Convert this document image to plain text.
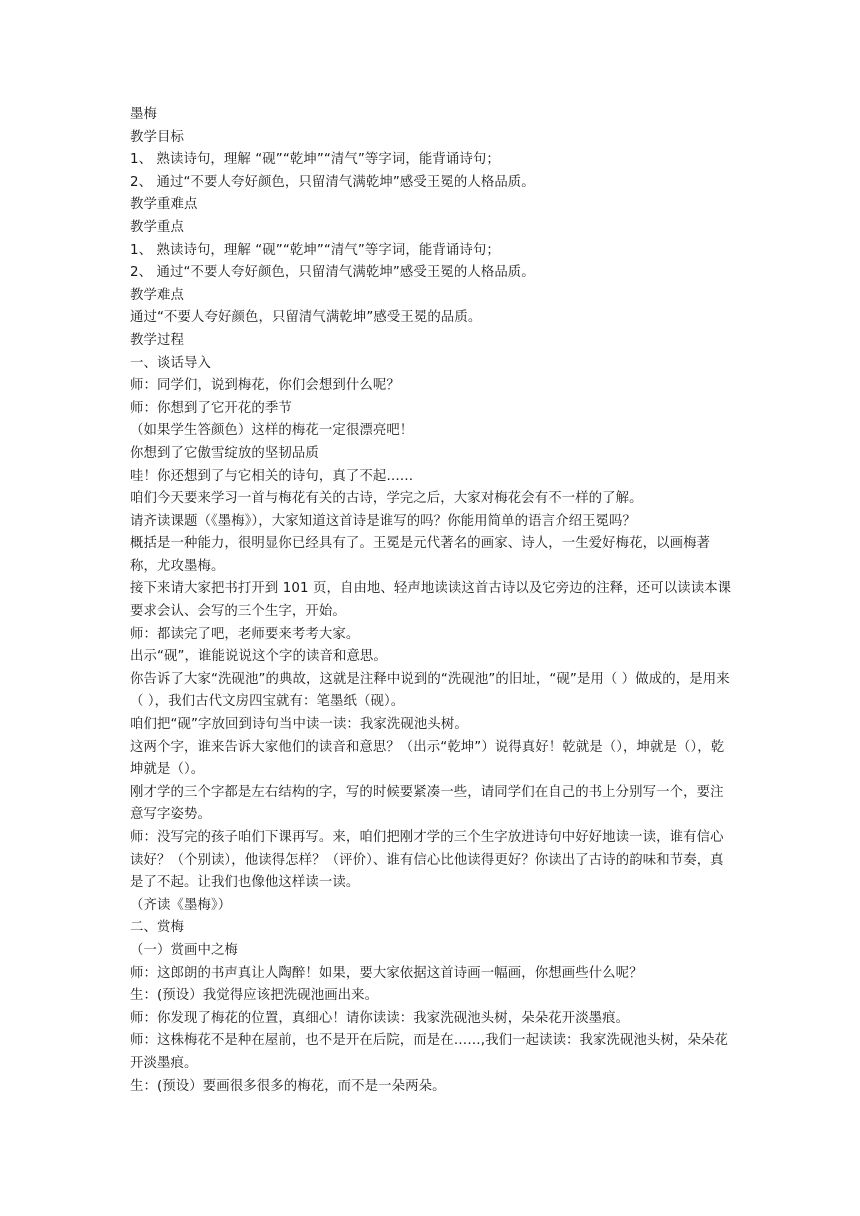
墨梅

教学目标

1、 熟读诗句，理解 “砚”“乾坤”“清气”等字词，能背诵诗句；

2、 通过“不要人夸好颜色，只留清气满乾坤”感受王冕的人格品质。

教学重难点

教学重点

1、 熟读诗句，理解 “砚”“乾坤”“清气”等字词，能背诵诗句；

2、 通过“不要人夸好颜色，只留清气满乾坤”感受王冕的人格品质。

教学难点

通过“不要人夸好颜色，只留清气满乾坤”感受王冕的品质。

教学过程

一、谈话导入

师：同学们，说到梅花，你们会想到什么呢？

师：你想到了它开花的季节

（如果学生答颜色）这样的梅花一定很漂亮吧！

你想到了它傲雪绽放的坚韧品质

哇！你还想到了与它相关的诗句，真了不起……

咱们今天要来学习一首与梅花有关的古诗，学完之后，大家对梅花会有不一样的了解。

请齐读课题（《墨梅》），大家知道这首诗是谁写的吗？你能用简单的语言介绍王冕吗？

概括是一种能力，很明显你已经具有了。王冕是元代著名的画家、诗人，一生爱好梅花，以画梅著称，尤攻墨梅。

接下来请大家把书打开到 101 页，自由地、轻声地读读这首古诗以及它旁边的注释，还可以读读本课要求会认、会写的三个生字，开始。

师：都读完了吧，老师要来考考大家。

出示“砚”，谁能说说这个字的读音和意思。

你告诉了大家“洗砚池”的典故，这就是注释中说到的“洗砚池”的旧址，“砚”是用（ ）做成的，是用来（ ），我们古代文房四宝就有：笔墨纸（砚）。

咱们把“砚”字放回到诗句当中读一读：我家洗砚池头树。

这两个字，谁来告诉大家他们的读音和意思？（出示“乾坤”）说得真好！乾就是（），坤就是（），乾坤就是（）。

刚才学的三个字都是左右结构的字，写的时候要紧凑一些，请同学们在自己的书上分别写一个，要注意写字姿势。

师：没写完的孩子咱们下课再写。来，咱们把刚才学的三个生字放进诗句中好好地读一读，谁有信心读好？（个别读），他读得怎样？（评价）、谁有信心比他读得更好？你读出了古诗的韵味和节奏，真是了不起。让我们也像他这样读一读。

（齐读《墨梅》）

二、赏梅

（一）赏画中之梅

师：这郎朗的书声真让人陶醉！如果，要大家依据这首诗画一幅画，你想画些什么呢？

生：(预设）我觉得应该把洗砚池画出来。

师：你发现了梅花的位置，真细心！请你读读：我家洗砚池头树，朵朵花开淡墨痕。

师：这株梅花不是种在屋前，也不是开在后院，而是在……,我们一起读读：我家洗砚池头树，朵朵花开淡墨痕。

生：(预设）要画很多很多的梅花，而不是一朵两朵。
